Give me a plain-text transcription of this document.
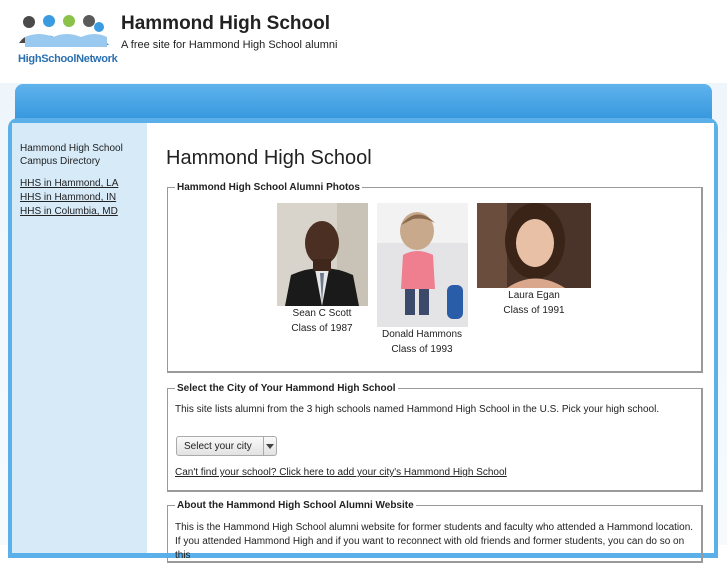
HighSchoolNetwork
Hammond High School
A free site for Hammond High School alumni
Hammond High School
Campus Directory
HHS in Hammond, LA
HHS in Hammond, IN
HHS in Columbia, MD
Hammond High School
Hammond High School Alumni Photos
Sean C Scott
Class of 1987
Donald Hammons
Class of 1993
Laura Egan
Class of 1991
Select the City of Your Hammond High School
This site lists alumni from the 3 high schools named Hammond High School in the U.S. Pick your high school.
Select your city
Can't find your school? Click here to add your city's Hammond High School
About the Hammond High School Alumni Website
This is the Hammond High School alumni website for former students and faculty who attended a Hammond location. If you attended Hammond High and if you want to reconnect with old friends and former students, you can do so on this
